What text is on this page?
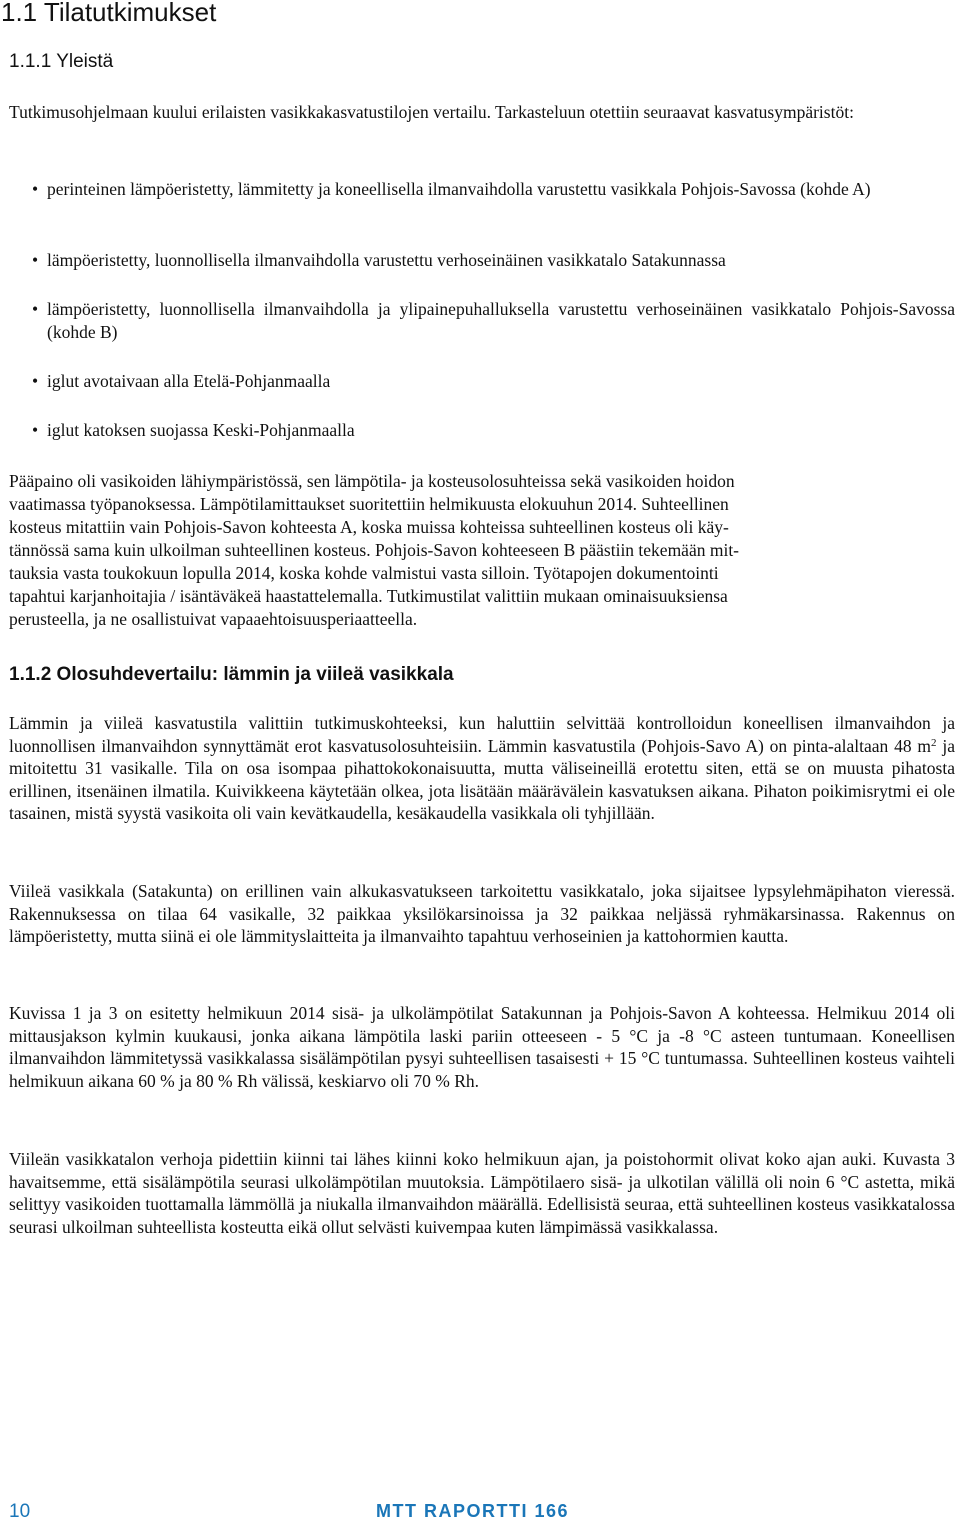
1.1 Tilatutkimukset
1.1.1 Yleistä

Tutkimusohjelmaan kuului erilaisten vasikkakasvatustilojen vertailu. Tarkasteluun otettiin seuraavat kasvatusympäristöt:

• perinteinen lämpöeristetty, lämmitetty ja koneellisella ilmanvaihdolla varustettu vasikkala Pohjois-Savossa (kohde A)
• lämpöeristetty, luonnollisella ilmanvaihdolla varustettu verhoseinäinen vasikkatalo Satakunnassa
• lämpöeristetty, luonnollisella ilmanvaihdolla ja ylipainepuhalluksella varustettu verhoseinäinen vasikkatalo Pohjois-Savossa (kohde B)
• iglut avotaivaan alla Etelä-Pohjanmaalla
• iglut katoksen suojassa Keski-Pohjanmaalla

Pääpaino oli vasikoiden lähiympäristössä, sen lämpötila- ja kosteusolosuhteissa sekä vasikoiden hoidon

vaatimassa työpanoksessa. Lämpötilamittaukset suoritettiin helmikuusta elokuuhun 2014. Suhteellinen

kosteus mitattiin vain Pohjois-Savon kohteesta A, koska muissa kohteissa suhteellinen kosteus oli käy-

tännössä sama kuin ulkoilman suhteellinen kosteus. Pohjois-Savon kohteeseen B päästiin tekemään mit-

tauksia vasta toukokuun lopulla 2014, koska kohde valmistui vasta silloin. Työtapojen dokumentointi

tapahtui karjanhoitajia / isäntäväkeä haastattelemalla. Tutkimustilat valittiin mukaan ominaisuuksiensa

perusteella, ja ne osallistuivat vapaaehtoisuusperiaatteella.

1.1.2 Olosuhdevertailu: lämmin ja viileä vasikkala

Lämmin ja viileä kasvatustila valittiin tutkimuskohteeksi, kun haluttiin selvittää kontrolloidun koneellisen ilmanvaihdon ja luonnollisen ilmanvaihdon synnyttämät erot kasvatusolosuhteisiin. Lämmin kasvatustila (Pohjois-Savo A) on pinta-alaltaan 48 $m^2$ ja mitoitettu 31 vasikalle. Tila on osa isompaa pihattokokonaisuutta, mutta väliseineillä erotettu siten, että se on muusta pihatosta erillinen, itsenäinen ilmatila. Kuivikkeena käytetään olkea, jota lisätään määrävälein kasvatuksen aikana. Pihaton poikimisrytmi ei ole tasainen, mistä syystä vasikoita oli vain kevätkaudella, kesäkaudella vasikkala oli tyhjillään.

Viileä vasikkala (Satakunta) on erillinen vain alkukasvatukseen tarkoitettu vasikkatalo, joka sijaitsee lypsylehmäpihaton vieressä. Rakennuksessa on tilaa 64 vasikalle, 32 paikkaa yksilökarsinoissa ja 32 paikkaa neljässä ryhmäkarsinassa. Rakennus on lämpöeristetty, mutta siinä ei ole lämmityslaitteita ja ilmanvaihto tapahtuu verhoseinien ja kattohormien kautta.

Kuvissa 1 ja 3 on esitetty helmikuun 2014 sisä- ja ulkolämpötilat Satakunnan ja Pohjois-Savon A kohteessa. Helmikuu 2014 oli mittausjakson kylmin kuukausi, jonka aikana lämpötila laski pariin otteeseen - 5 °C ja -8 °C asteen tuntumaan. Koneellisen ilmanvaihdon lämmitetyssä vasikkalassa sisälämpötilan pysyi suhteellisen tasaisesti + 15 °C tuntumassa. Suhteellinen kosteus vaihteli helmikuun aikana 60 % ja 80 % Rh välissä, keskiarvo oli 70 % Rh.

Viileän vasikkatalon verhoja pidettiin kiinni tai lähes kiinni koko helmikuun ajan, ja poistohormit olivat koko ajan auki. Kuvasta 3 havaitsemme, että sisälämpötila seurasi ulkolämpötilan muutoksia. Lämpötilaero sisä- ja ulkotilan välillä oli noin 6 °C astetta, mikä selittyy vasikoiden tuottamalla lämmöllä ja niukalla ilmanvaihdon määrällä. Edellisistä seuraa, että suhteellinen kosteus vasikkatalossa seurasi ulkoilman suhteellista kosteutta eikä ollut selvästi kuivempaa kuten lämpimässä vasikkalassa.

10	MTT RAPORTTI 166
